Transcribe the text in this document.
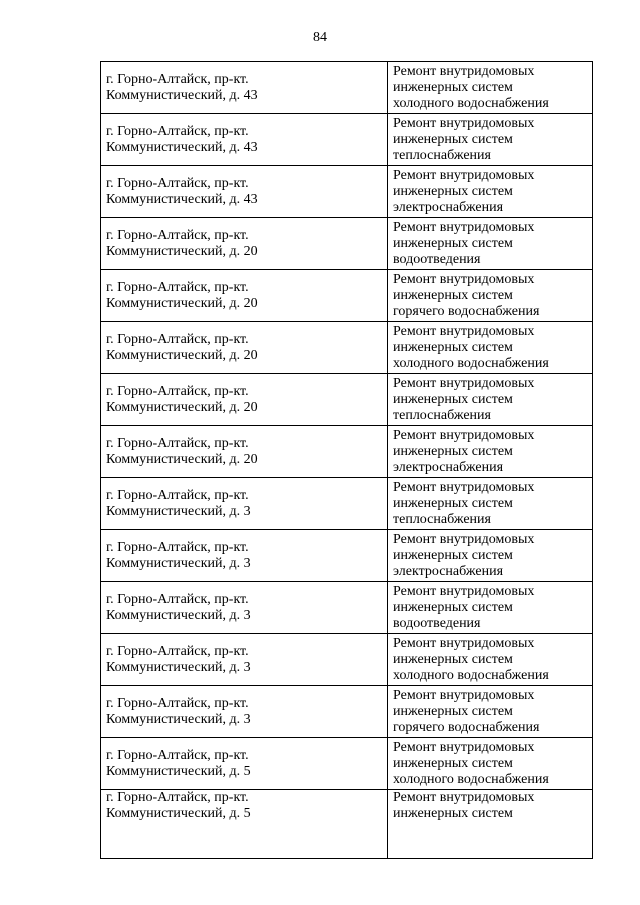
84
г. Горно-Алтайск, пр-кт.
Коммунистический, д. 43	Ремонт внутридомовых
инженерных систем
холодного водоснабжения

г. Горно-Алтайск, пр-кт.
Коммунистический, д. 43	Ремонт внутридомовых
инженерных систем
теплоснабжения

г. Горно-Алтайск, пр-кт.
Коммунистический, д. 43	Ремонт внутридомовых
инженерных систем
электроснабжения

г. Горно-Алтайск, пр-кт.
Коммунистический, д. 20	Ремонт внутридомовых
инженерных систем
водоотведения

г. Горно-Алтайск, пр-кт.
Коммунистический, д. 20	Ремонт внутридомовых
инженерных систем
горячего водоснабжения

г. Горно-Алтайск, пр-кт.
Коммунистический, д. 20	Ремонт внутридомовых
инженерных систем
холодного водоснабжения

г. Горно-Алтайск, пр-кт.
Коммунистический, д. 20	Ремонт внутридомовых
инженерных систем
теплоснабжения

г. Горно-Алтайск, пр-кт.
Коммунистический, д. 20	Ремонт внутридомовых
инженерных систем
электроснабжения

г. Горно-Алтайск, пр-кт.
Коммунистический, д. 3	Ремонт внутридомовых
инженерных систем
теплоснабжения

г. Горно-Алтайск, пр-кт.
Коммунистический, д. 3	Ремонт внутридомовых
инженерных систем
электроснабжения

г. Горно-Алтайск, пр-кт.
Коммунистический, д. 3	Ремонт внутридомовых
инженерных систем
водоотведения

г. Горно-Алтайск, пр-кт.
Коммунистический, д. 3	Ремонт внутридомовых
инженерных систем
холодного водоснабжения

г. Горно-Алтайск, пр-кт.
Коммунистический, д. 3	Ремонт внутридомовых
инженерных систем
горячего водоснабжения

г. Горно-Алтайск, пр-кт.
Коммунистический, д. 5	Ремонт внутридомовых
инженерных систем
холодного водоснабжения

г. Горно-Алтайск, пр-кт.
Коммунистический, д. 5	Ремонт внутридомовых
инженерных систем
